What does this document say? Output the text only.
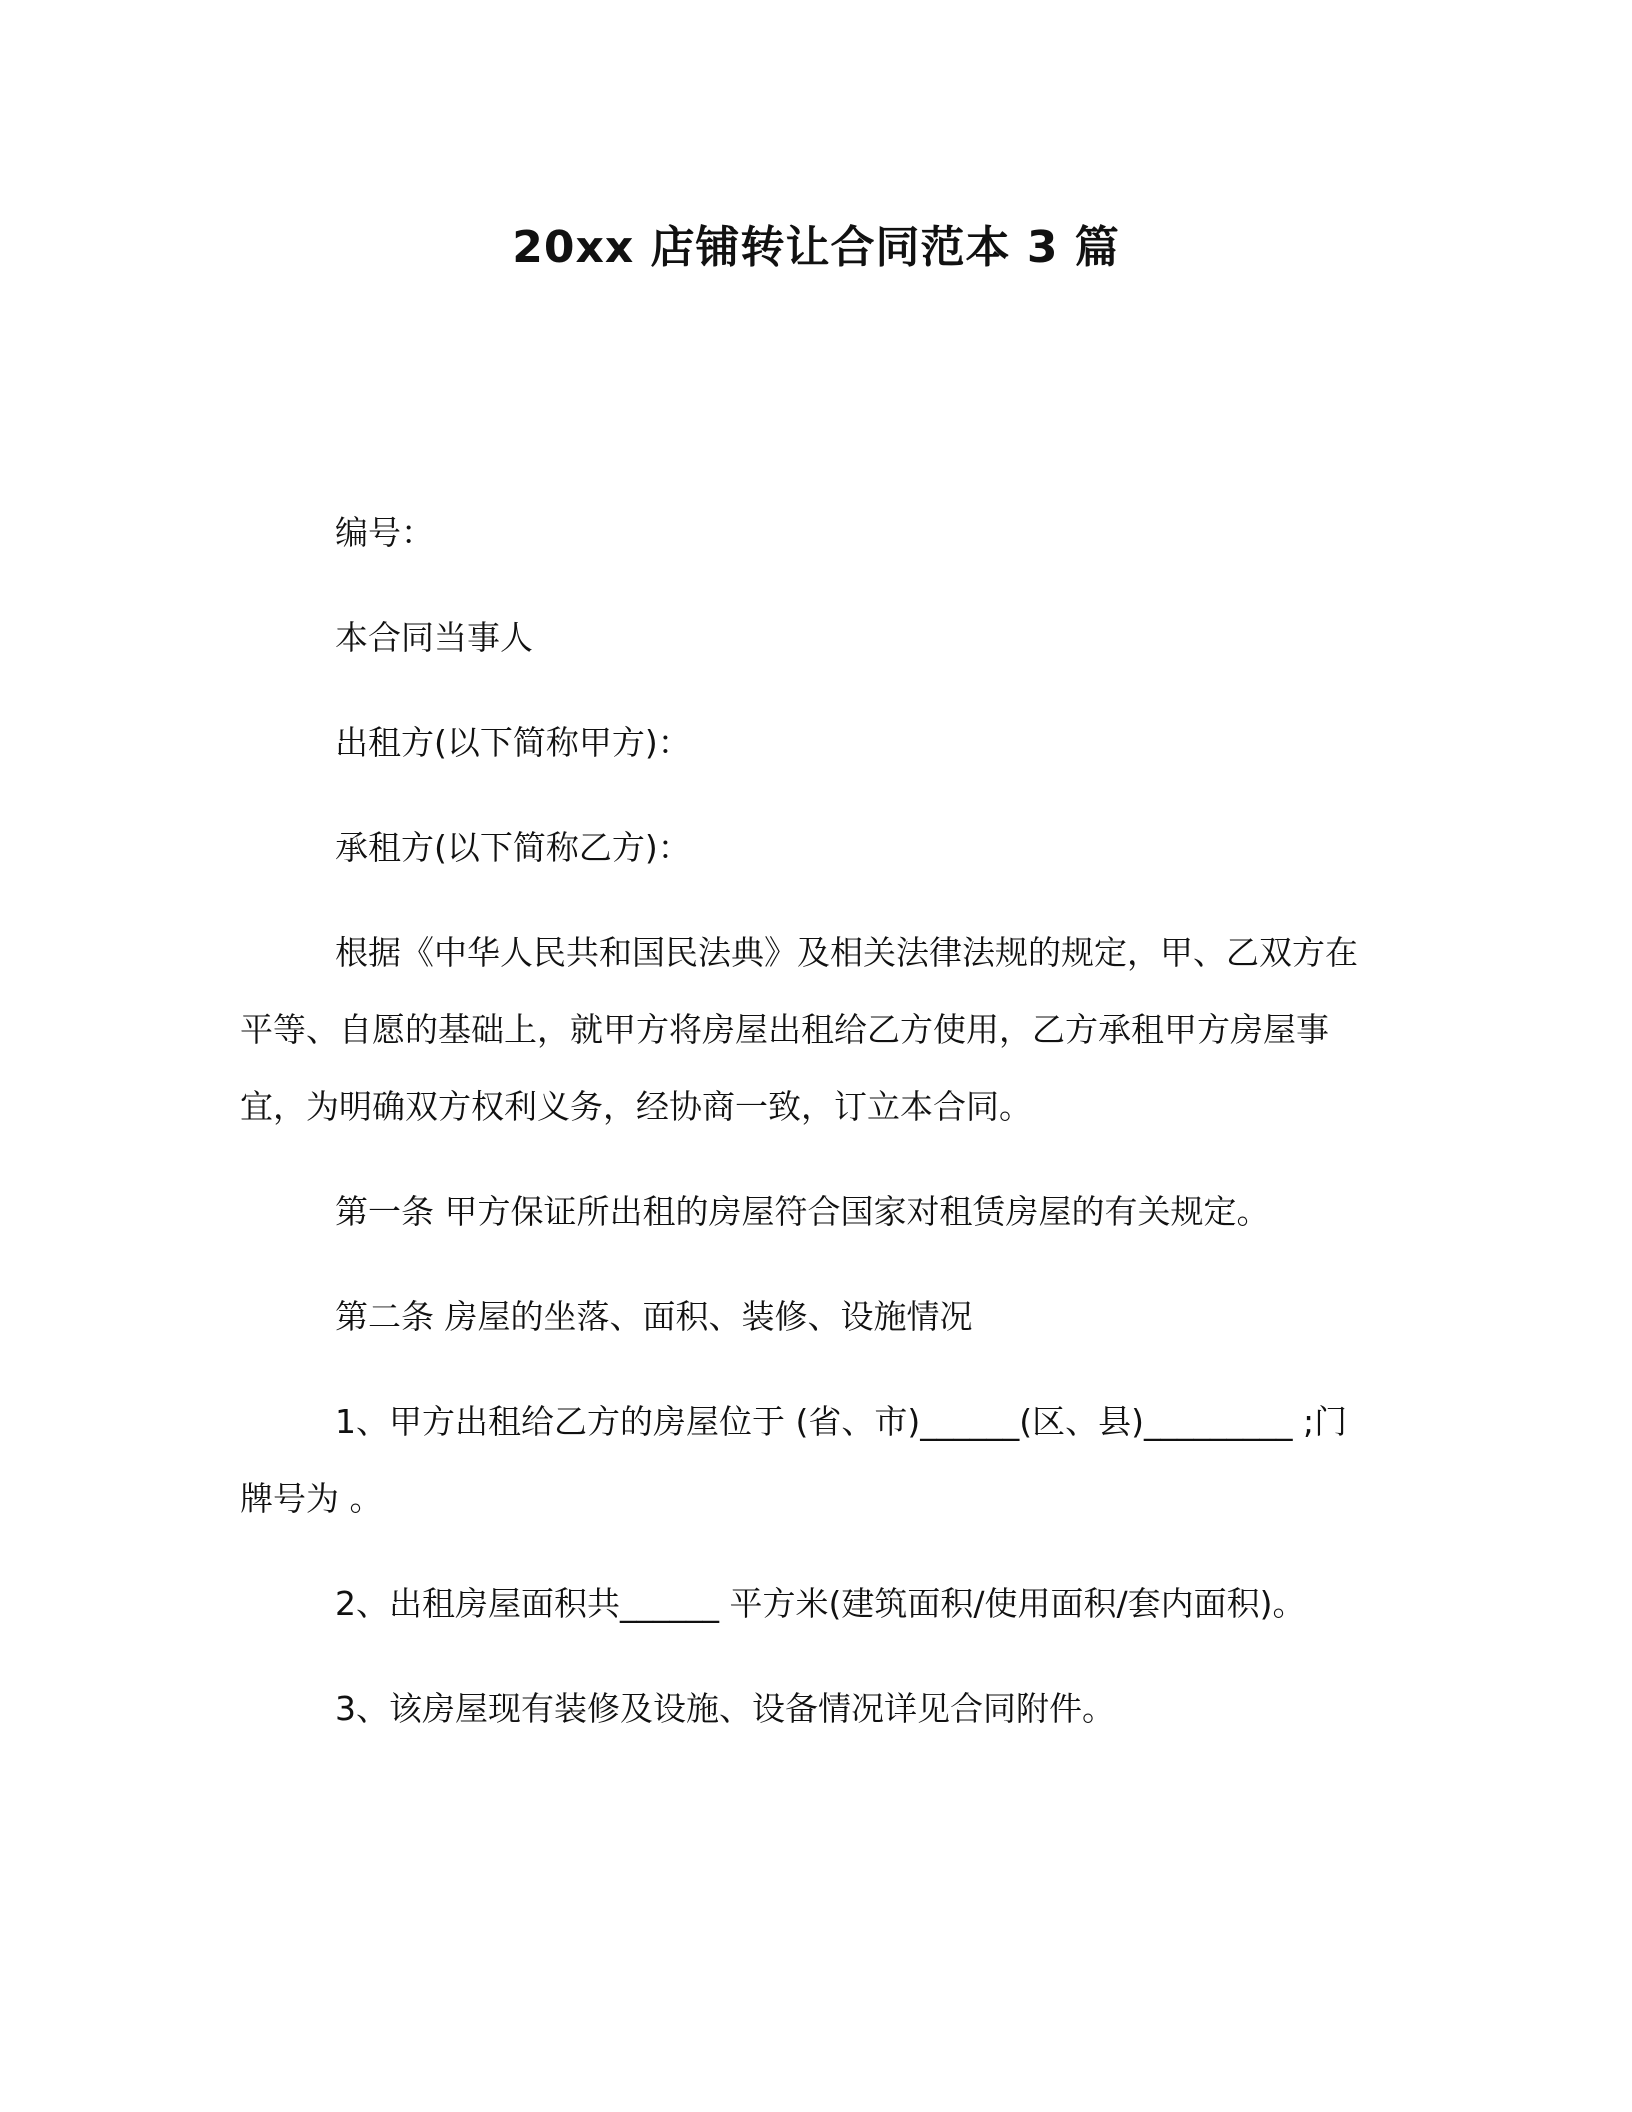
20xx 店铺转让合同范本 3 篇

编号：

本合同当事人

出租方(以下简称甲方)：

承租方(以下简称乙方)：

根据《中华人民共和国民法典》及相关法律法规的规定，甲、乙双方在平等、自愿的基础上，就甲方将房屋出租给乙方使用，乙方承租甲方房屋事宜，为明确双方权利义务，经协商一致，订立本合同。

第一条 甲方保证所出租的房屋符合国家对租赁房屋的有关规定。

第二条 房屋的坐落、面积、装修、设施情况

1、甲方出租给乙方的房屋位于 (省、市)______(区、县)_________ ;门牌号为 。

2、出租房屋面积共______ 平方米(建筑面积/使用面积/套内面积)。

3、该房屋现有装修及设施、设备情况详见合同附件。
